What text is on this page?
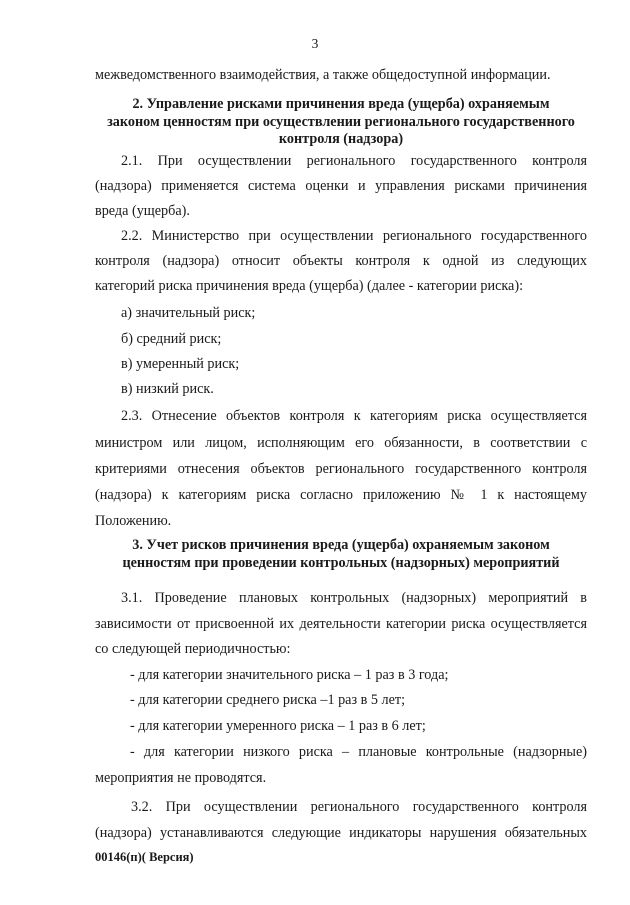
3
межведомственного взаимодействия, а также общедоступной информации.
2. Управление рисками причинения вреда (ущерба) охраняемым
законом ценностям при осуществлении регионального государственного
контроля (надзора)
2.1. При осуществлении регионального государственного контроля
(надзора) применяется система оценки и управления рисками причинения
вреда (ущерба).
2.2. Министерство при осуществлении регионального государственного
контроля (надзора) относит объекты контроля к одной из следующих
категорий риска причинения вреда (ущерба) (далее - категории риска):
а) значительный риск;
б) средний риск;
в) умеренный риск;
в) низкий риск.
2.3. Отнесение объектов контроля к категориям риска осуществляется
министром или лицом, исполняющим его обязанности, в соответствии с
критериями отнесения объектов регионального государственного контроля
(надзора) к категориям риска согласно приложению № 1 к настоящему
Положению.
3. Учет рисков причинения вреда (ущерба) охраняемым законом
ценностям при проведении контрольных (надзорных) мероприятий
3.1. Проведение плановых контрольных (надзорных) мероприятий в
зависимости от присвоенной их деятельности категории риска осуществляется
со следующей периодичностью:
- для категории значительного риска – 1 раз в 3 года;
- для категории среднего риска –1 раз в 5 лет;
- для категории умеренного риска – 1 раз в 6 лет;
- для категории низкого риска – плановые контрольные (надзорные)
мероприятия не проводятся.
3.2. При осуществлении регионального государственного контроля
(надзора) устанавливаются следующие индикаторы нарушения обязательных
00146(п)( Версия)
